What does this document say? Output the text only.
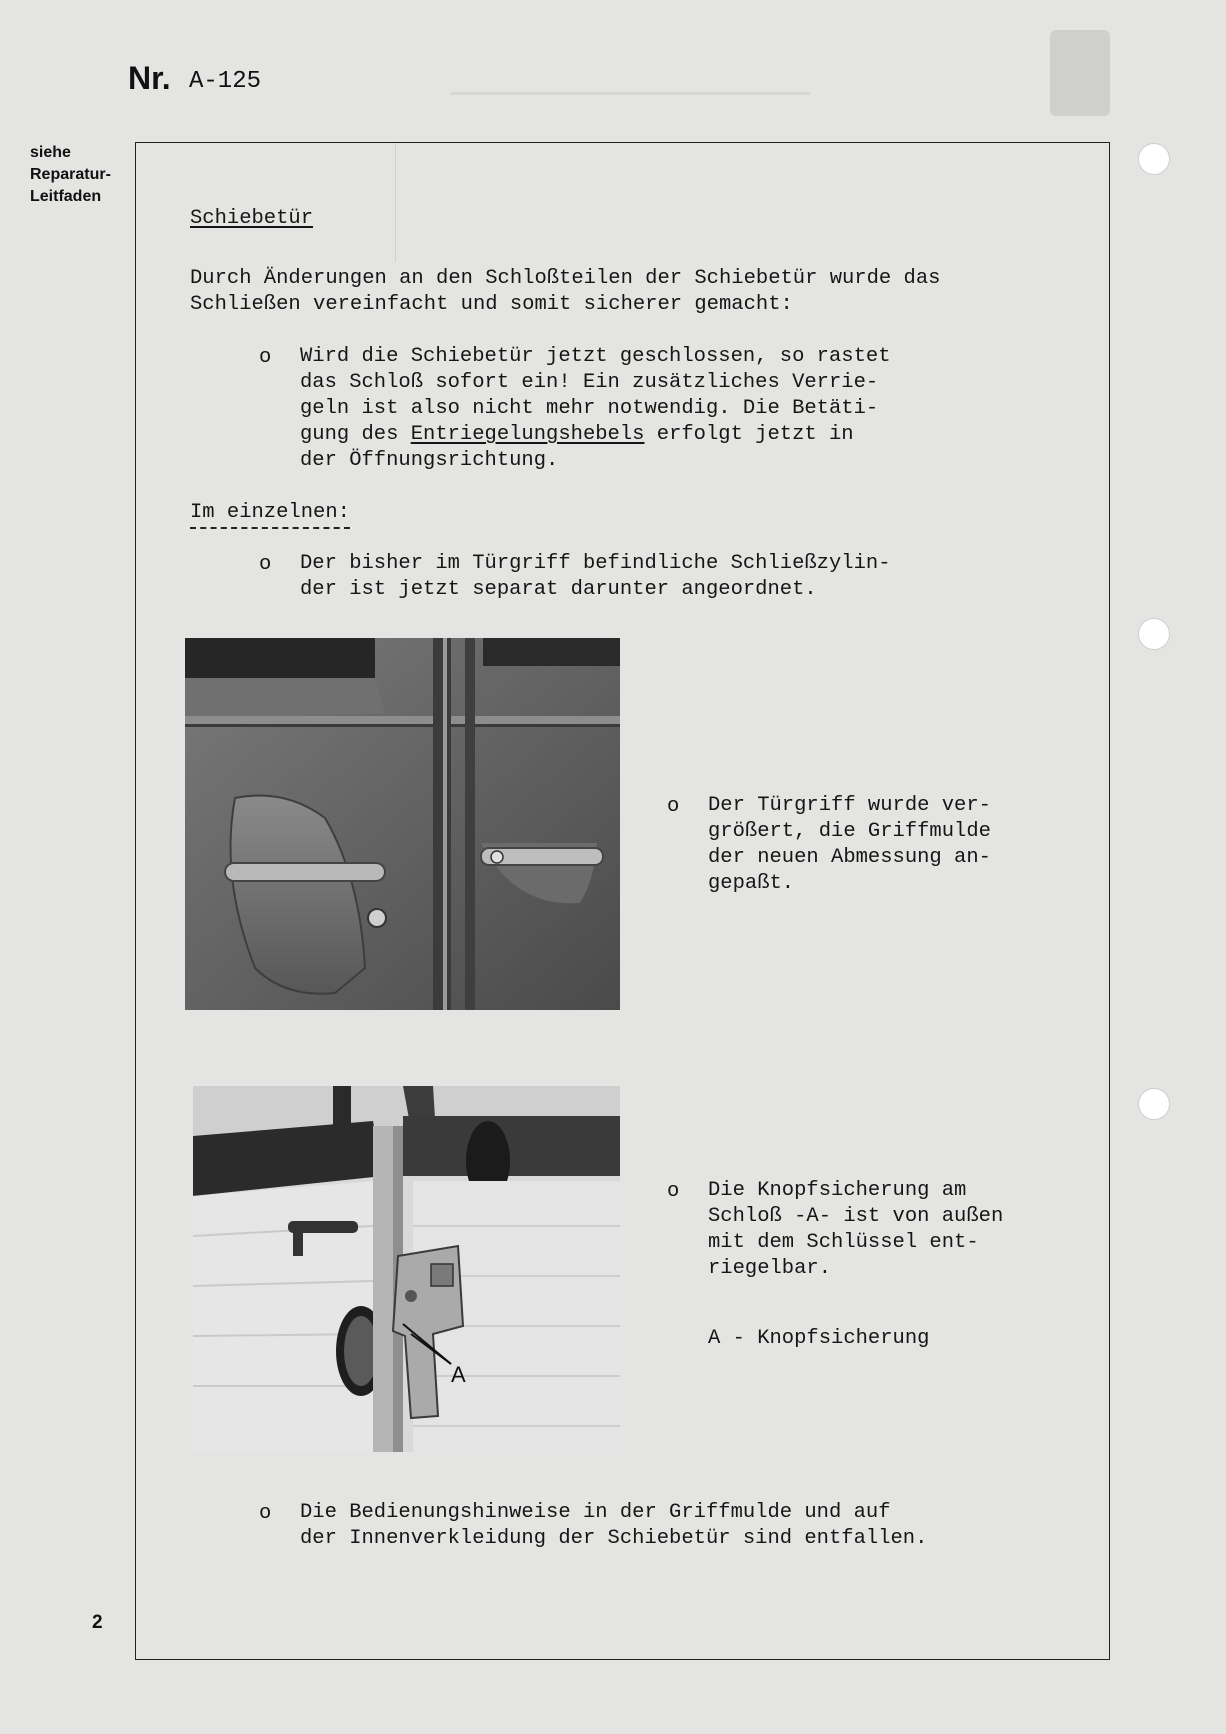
Nr. A-125
siehe
Reparatur-
Leitfaden
Schiebetür
Durch Änderungen an den Schloßteilen der Schiebetür wurde das
Schließen vereinfacht und somit sicherer gemacht:
o Wird die Schiebetür jetzt geschlossen, so rastet
das Schloß sofort ein! Ein zusätzliches Verrie-
geln ist also nicht mehr notwendig. Die Betäti-
gung des Entriegelungshebels erfolgt jetzt in
der Öffnungsrichtung.
Im einzelnen:
o Der bisher im Türgriff befindliche Schließzylin-
der ist jetzt separat darunter angeordnet.
o Der Türgriff wurde ver-
größert, die Griffmulde
der neuen Abmessung an-
gepaßt.
A
o Die Knopfsicherung am
Schloß -A- ist von außen
mit dem Schlüssel ent-
riegelbar.
A - Knopfsicherung
o Die Bedienungshinweise in der Griffmulde und auf
der Innenverkleidung der Schiebetür sind entfallen.
2
